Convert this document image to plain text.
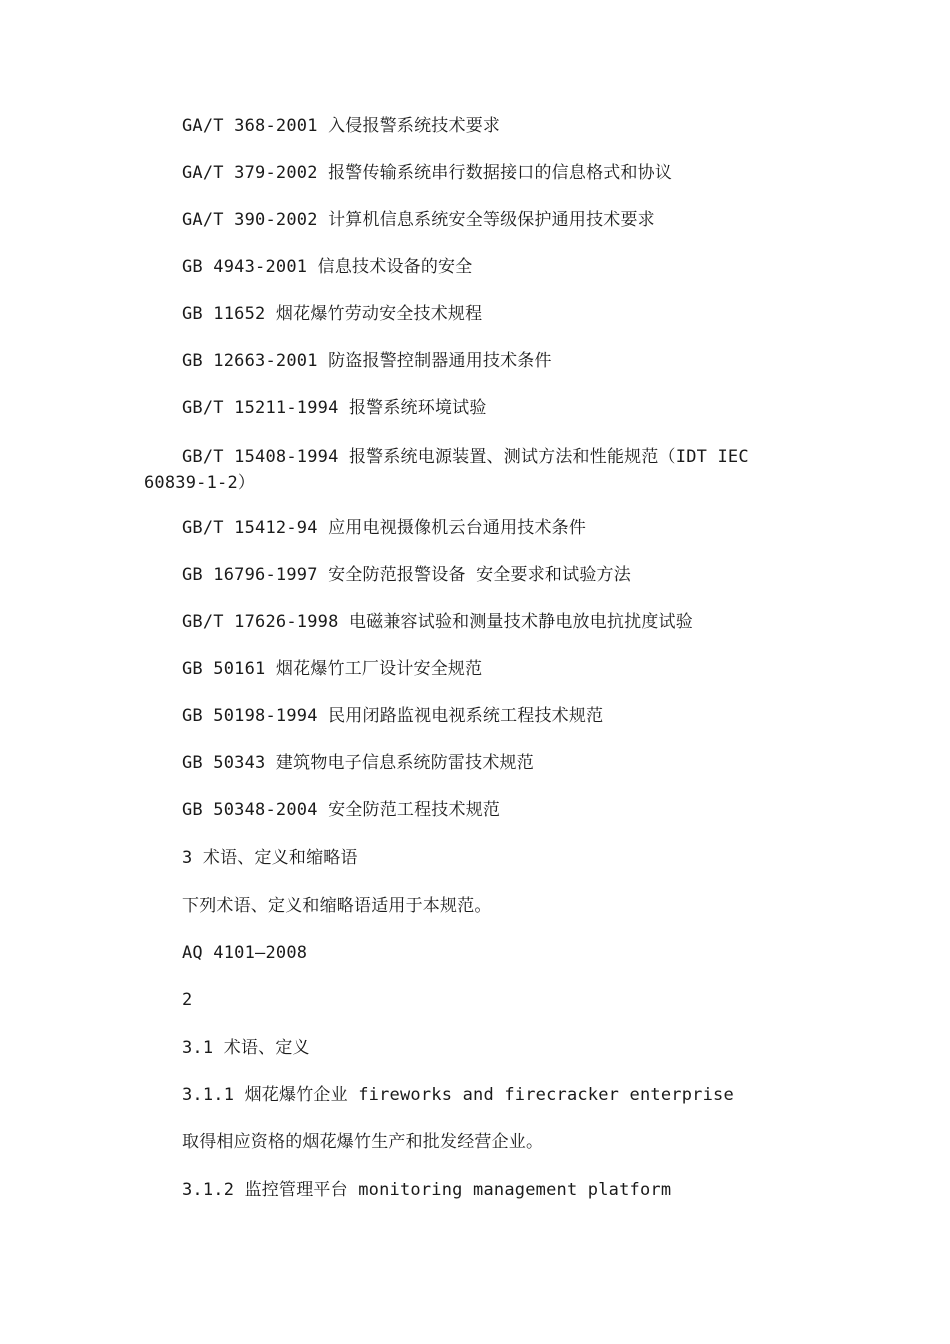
GA/T 368-2001 入侵报警系统技术要求
GA/T 379-2002 报警传输系统串行数据接口的信息格式和协议
GA/T 390-2002 计算机信息系统安全等级保护通用技术要求
GB 4943-2001 信息技术设备的安全
GB 11652 烟花爆竹劳动安全技术规程
GB 12663-2001 防盗报警控制器通用技术条件
GB/T 15211-1994 报警系统环境试验
GB/T 15408-1994 报警系统电源装置、测试方法和性能规范（IDT IEC 60839-1-2）
GB/T 15412-94 应用电视摄像机云台通用技术条件
GB 16796-1997 安全防范报警设备 安全要求和试验方法
GB/T 17626-1998 电磁兼容试验和测量技术静电放电抗扰度试验
GB 50161 烟花爆竹工厂设计安全规范
GB 50198-1994 民用闭路监视电视系统工程技术规范
GB 50343 建筑物电子信息系统防雷技术规范
GB 50348-2004 安全防范工程技术规范
3 术语、定义和缩略语
下列术语、定义和缩略语适用于本规范。
AQ 4101—2008
2
3.1 术语、定义
3.1.1 烟花爆竹企业 fireworks and firecracker enterprise
取得相应资格的烟花爆竹生产和批发经营企业。
3.1.2 监控管理平台 monitoring management platform
